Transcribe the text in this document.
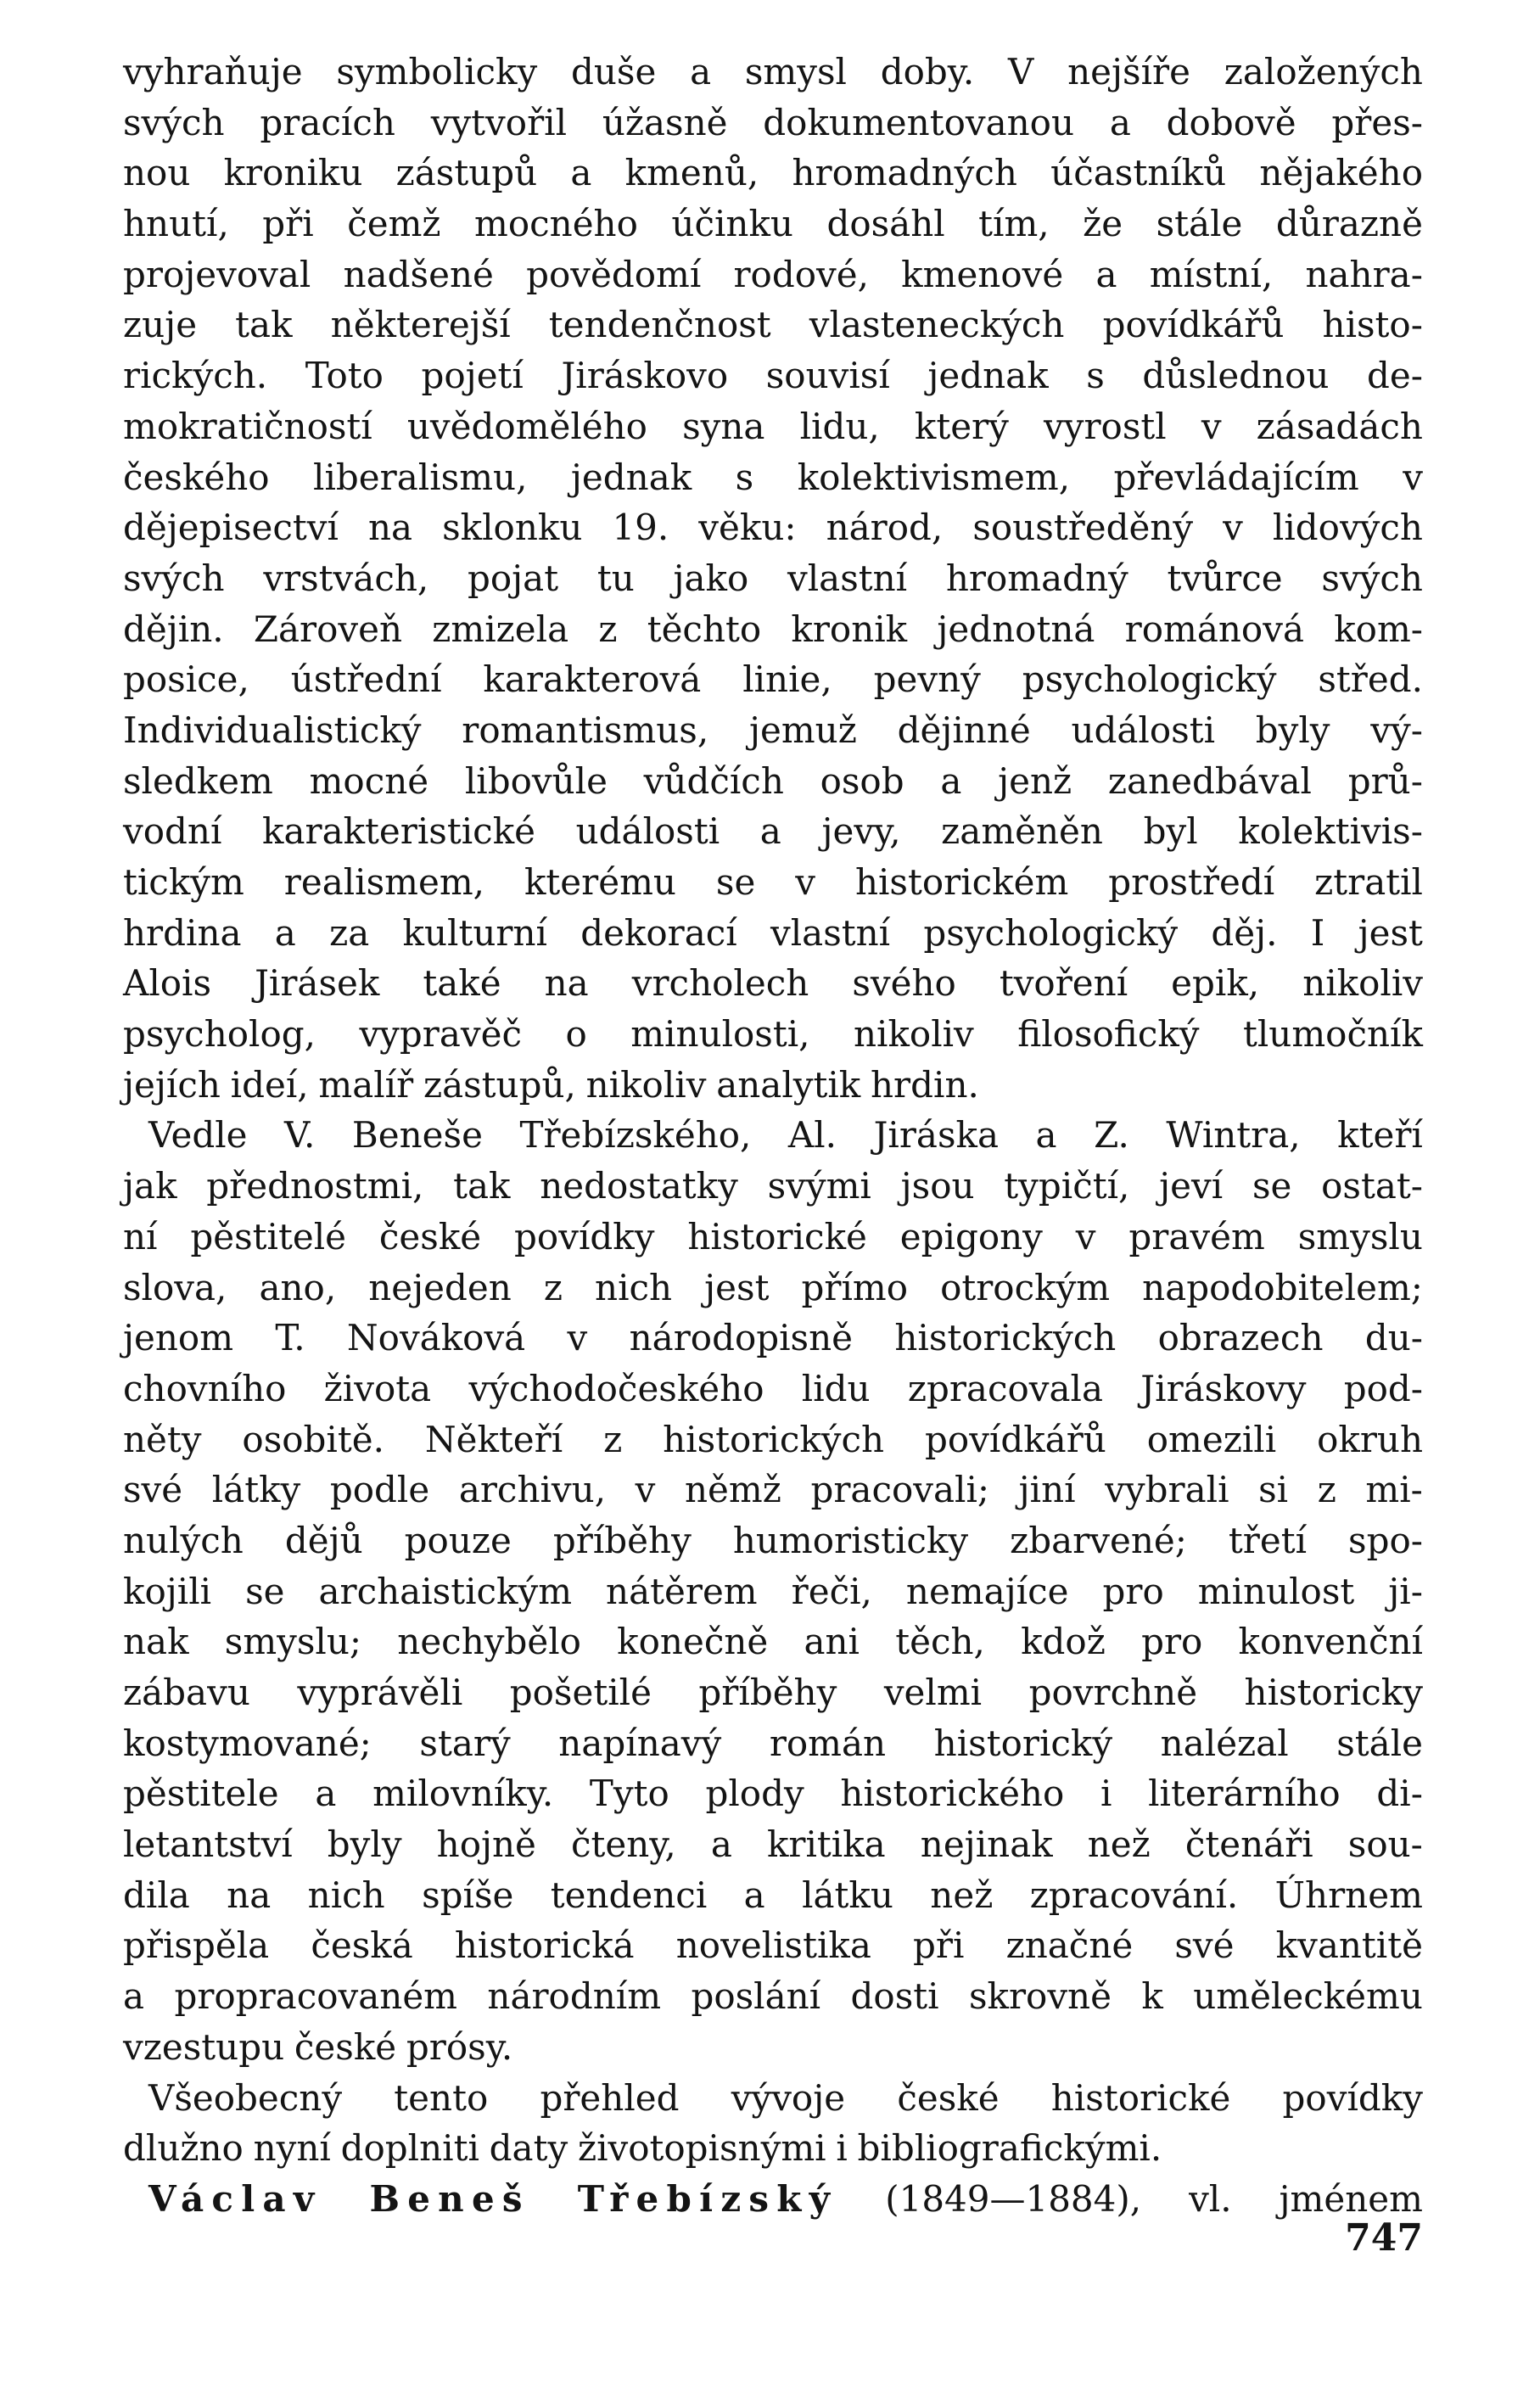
vyhraňuje symbolicky duše a smysl doby. V nejšíře založených
svých pracích vytvořil úžasně dokumentovanou a dobově přes-
nou kroniku zástupů a kmenů, hromadných účastníků nějakého
hnutí, při čemž mocného účinku dosáhl tím, že stále důrazně
projevoval nadšené povědomí rodové, kmenové a místní, nahra-
zuje tak některejší tendenčnost vlasteneckých povídkářů histo-
rických. Toto pojetí Jiráskovo souvisí jednak s důslednou de-
mokratičností uvědomělého syna lidu, který vyrostl v zásadách
českého liberalismu, jednak s kolektivismem, převládajícím v
dějepisectví na sklonku 19. věku: národ, soustředěný v lidových
svých vrstvách, pojat tu jako vlastní hromadný tvůrce svých
dějin. Zároveň zmizela z těchto kronik jednotná románová kom-
posice, ústřední karakterová linie, pevný psychologický střed.
Individualistický romantismus, jemuž dějinné události byly vý-
sledkem mocné libovůle vůdčích osob a jenž zanedbával prů-
vodní karakteristické události a jevy, zaměněn byl kolektivis-
tickým realismem, kterému se v historickém prostředí ztratil
hrdina a za kulturní dekorací vlastní psychologický děj. I jest
Alois Jirásek také na vrcholech svého tvoření epik, nikoliv
psycholog, vypravěč o minulosti, nikoliv filosofický tlumočník
jejích ideí, malíř zástupů, nikoliv analytik hrdin.
Vedle V. Beneše Třebízského, Al. Jiráska a Z. Wintra, kteří
jak přednostmi, tak nedostatky svými jsou typičtí, jeví se ostat-
ní pěstitelé české povídky historické epigony v pravém smyslu
slova, ano, nejeden z nich jest přímo otrockým napodobitelem;
jenom T. Nováková v národopisně historických obrazech du-
chovního života východočeského lidu zpracovala Jiráskovy pod-
něty osobitě. Někteří z historických povídkářů omezili okruh
své látky podle archivu, v němž pracovali; jiní vybrali si z mi-
nulých dějů pouze příběhy humoristicky zbarvené; třetí spo-
kojili se archaistickým nátěrem řeči, nemajíce pro minulost ji-
nak smyslu; nechybělo konečně ani těch, kdož pro konvenční
zábavu vyprávěli pošetilé příběhy velmi povrchně historicky
kostymované; starý napínavý román historický nalézal stále
pěstitele a milovníky. Tyto plody historického i literárního di-
letantství byly hojně čteny, a kritika nejinak než čtenáři sou-
dila na nich spíše tendenci a látku než zpracování. Úhrnem
přispěla česká historická novelistika při značné své kvantitě
a propracovaném národním poslání dosti skrovně k uměleckému
vzestupu české prósy.
Všeobecný tento přehled vývoje české historické povídky
dlužno nyní doplniti daty životopisnými i bibliografickými.
Václav Beneš Třebízský (1849—1884), vl. jménem
747
